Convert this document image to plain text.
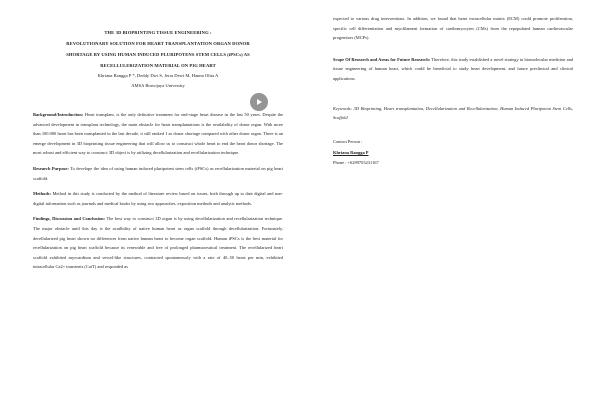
THE 3D BIOPRINTING TISSUE ENGINEERING :
REVOLUTIONARY SOLUTION FOR HEART TRANSPLANTATION ORGAN DONOR
SHORTAGE BY USING HUMAN INDUCED PLURIPOTENS STEM CELLS (iPSCs) AS
RECELLULERIZATION MATERIAL ON PIG HEART
Khriana Rangga P *, Deddy Dwi S, Jerra Dewi M, Hanna Olita A
AMSA Brawijaya University

Background/Introduction: Heart transplant, is the only definitive treatment for end-stage heart disease in the last 50 years. Despite the advanced development in transplant technology, the main obstacle for heart transplantations is the availability of donor organ. With more than 100.000 heart has been transplanted in the last decade, it still ranked 1 as donor shortage compared with other donor organ. There is an emerge development in 3D bioprinting tissue engineering that will allow us to construct whole heart to end the heart donor shortage. The most robust and efficient way to construct 3D object is by utilizing decellularization and recellularization technique.

Research Purpose: To develope the idea of using human induced pluripotent stem cells (iPSCs) as recellularization material on pig heart scaffold.

Methods: Method in this study is conducted by the method of literature review based on issues, both through up to date digital and non-digital information such as journals and medical books by using two approaches, exposition methods and analytic methods.

Findings, Discussion and Conclusion: The best way to construct 3D organ is by using decellularization and recellularization technique. The major obstacle until this day is the availbility of native human heart as organ scaffold through decellularization. Fortunately, decellularized pig heart shown no differences from native human heart to become organ scaffold. Human iPSCs is the best material for recellularization on pig heart scaffold because its renewable and free of prolonged pharmaceutical treatment. The recellularized heart scaffold exhibited myocardium and vessel-like structures, contracted spontaneously with a rate of 40–50 beats per min, exhibited intracellular Ca2+ transients (CaiT) and responded as

expected to various drug interventions. In addition, we found that heart extracellular matrix (ECM) could promote proliferation, specific cell differentiation and myofilament formation of cardiomyocytes (CMs) from the repopulated human cardiovascular progenitors (MCPs).

Scope Of Research and Areas for Future Research: Therefore, this study established a novel strategy in biomolecular medicine and tissue engineering of human heart, which could be beneficial to study heart development, and future preclinical and clinical applications.

Keywords: 3D Bioprinting, Heart transplantation, Decellularization and Recellularization, Human Induced Pluripotent Stem Cells, Scaffold

Contact Person :
Khriana Rangga P
Phone : +6289703231167
